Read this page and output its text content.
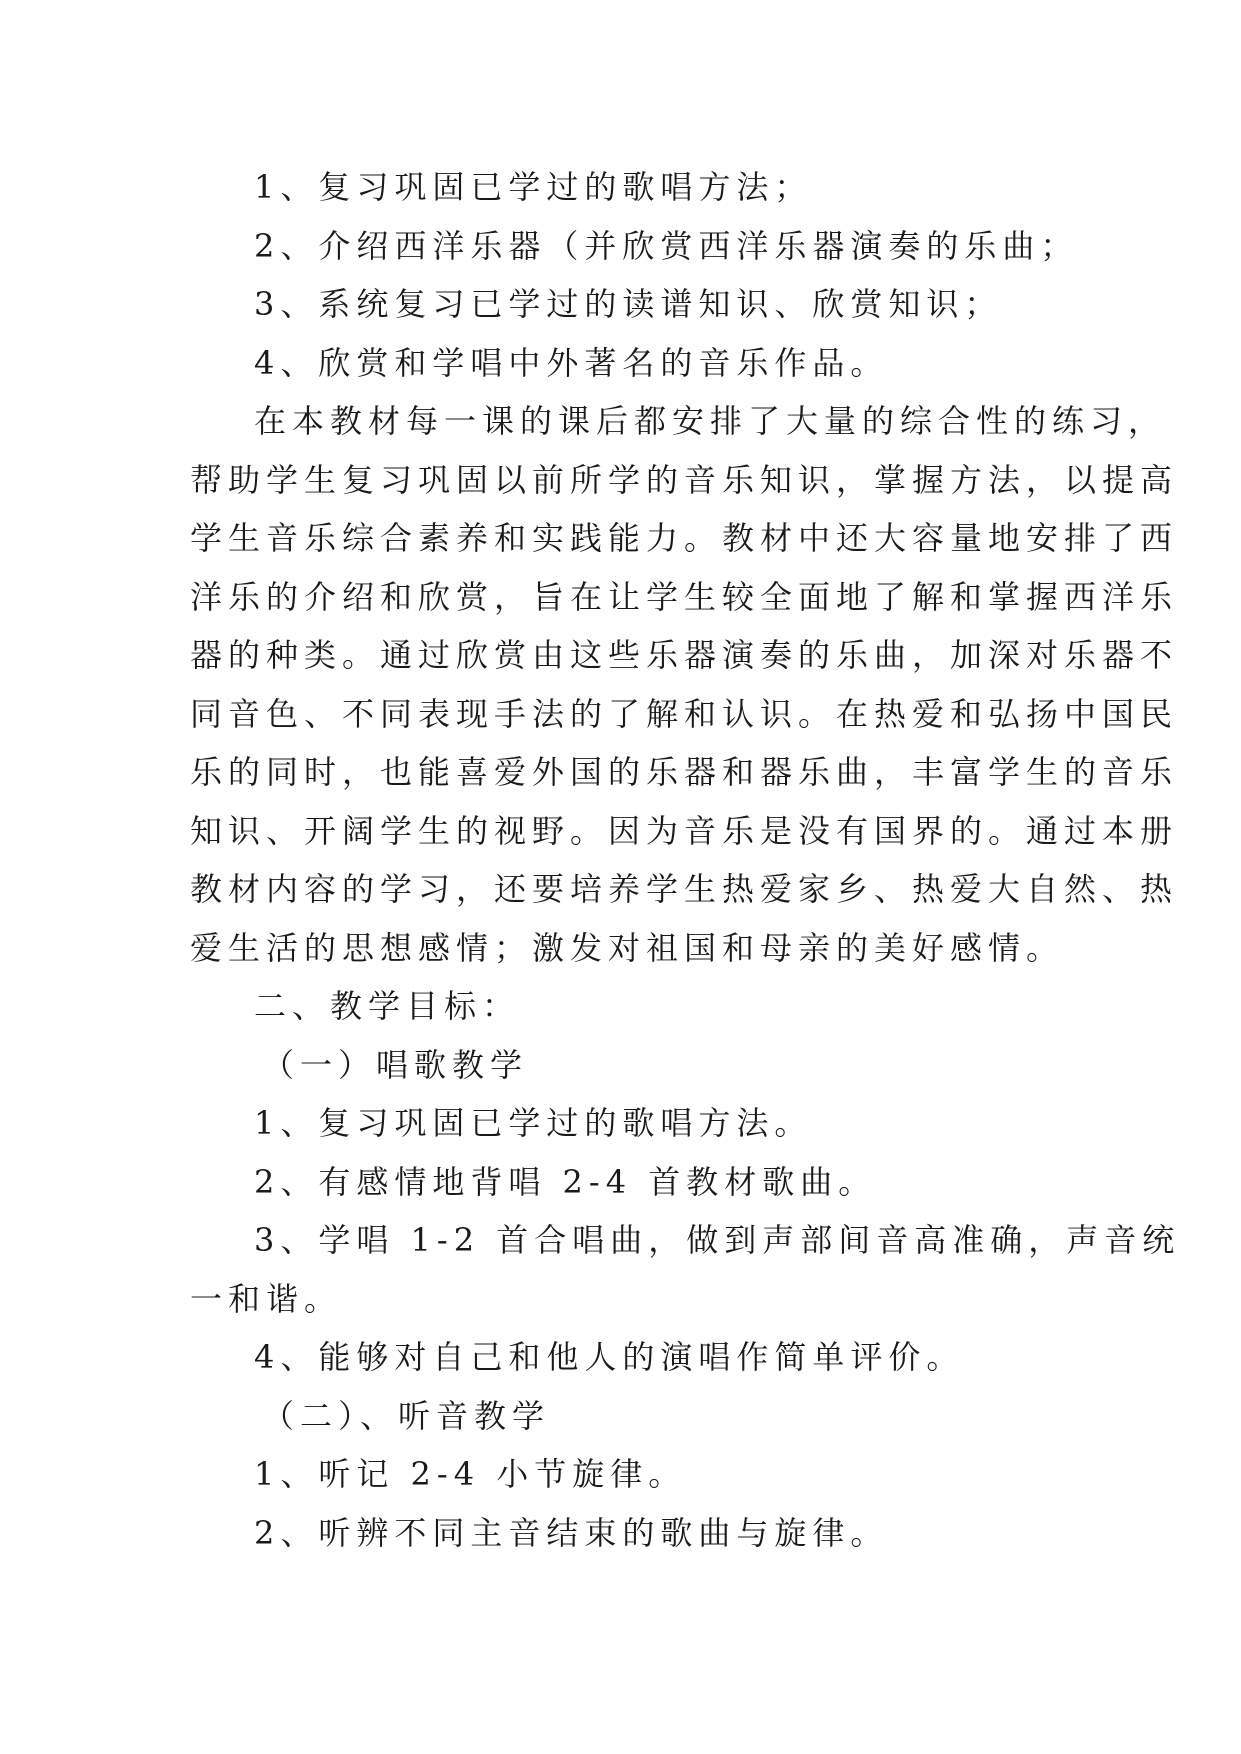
1、复习巩固已学过的歌唱方法；

2、介绍西洋乐器（并欣赏西洋乐器演奏的乐曲；

3、系统复习已学过的读谱知识、欣赏知识；

4、欣赏和学唱中外著名的音乐作品。

在本教材每一课的课后都安排了大量的综合性的练习，

帮助学生复习巩固以前所学的音乐知识，掌握方法，以提高

学生音乐综合素养和实践能力。教材中还大容量地安排了西

洋乐的介绍和欣赏，旨在让学生较全面地了解和掌握西洋乐

器的种类。通过欣赏由这些乐器演奏的乐曲，加深对乐器不

同音色、不同表现手法的了解和认识。在热爱和弘扬中国民

乐的同时，也能喜爱外国的乐器和器乐曲，丰富学生的音乐

知识、开阔学生的视野。因为音乐是没有国界的。通过本册

教材内容的学习，还要培养学生热爱家乡、热爱大自然、热

爱生活的思想感情；激发对祖国和母亲的美好感情。

二、教学目标：

（一）唱歌教学

1、复习巩固已学过的歌唱方法。

2、有感情地背唱 2-4 首教材歌曲。

3、学唱 1-2 首合唱曲，做到声部间音高准确，声音统

一和谐。

4、能够对自己和他人的演唱作简单评价。

（二）、听音教学

1、听记 2-4 小节旋律。

2、听辨不同主音结束的歌曲与旋律。
